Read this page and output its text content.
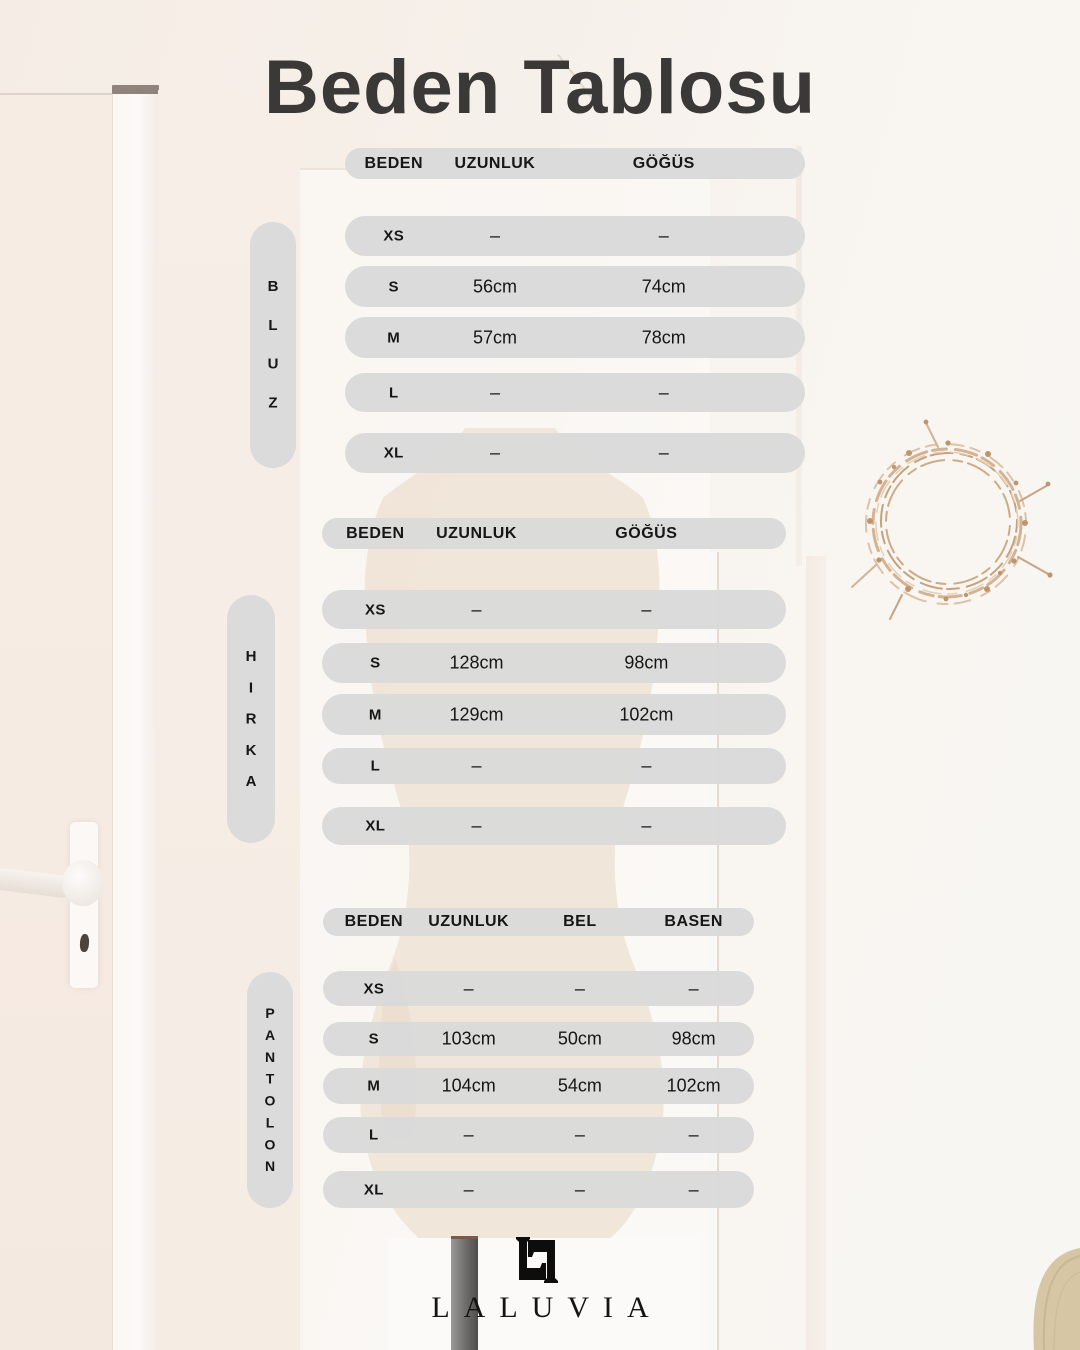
Beden Tablosu
BEDEN UZUNLUK	GÖĞÜS
XS	–	–
S	56cm	74cm
M	57cm	78cm
L	–	–
XL	–	–
BLUZ
BEDEN UZUNLUK	GÖĞÜS
XS	–	–
S	128cm	98cm
M	129cm	102cm
L	–	–
XL	–	–
HIRKA
BEDEN UZUNLUK	BEL	BASEN
XS	–	–	–
S	103cm	50cm	98cm
M	104cm	54cm	102cm
L	–	–	–
XL	–	–	–
PANTOLON
LALUVIA
